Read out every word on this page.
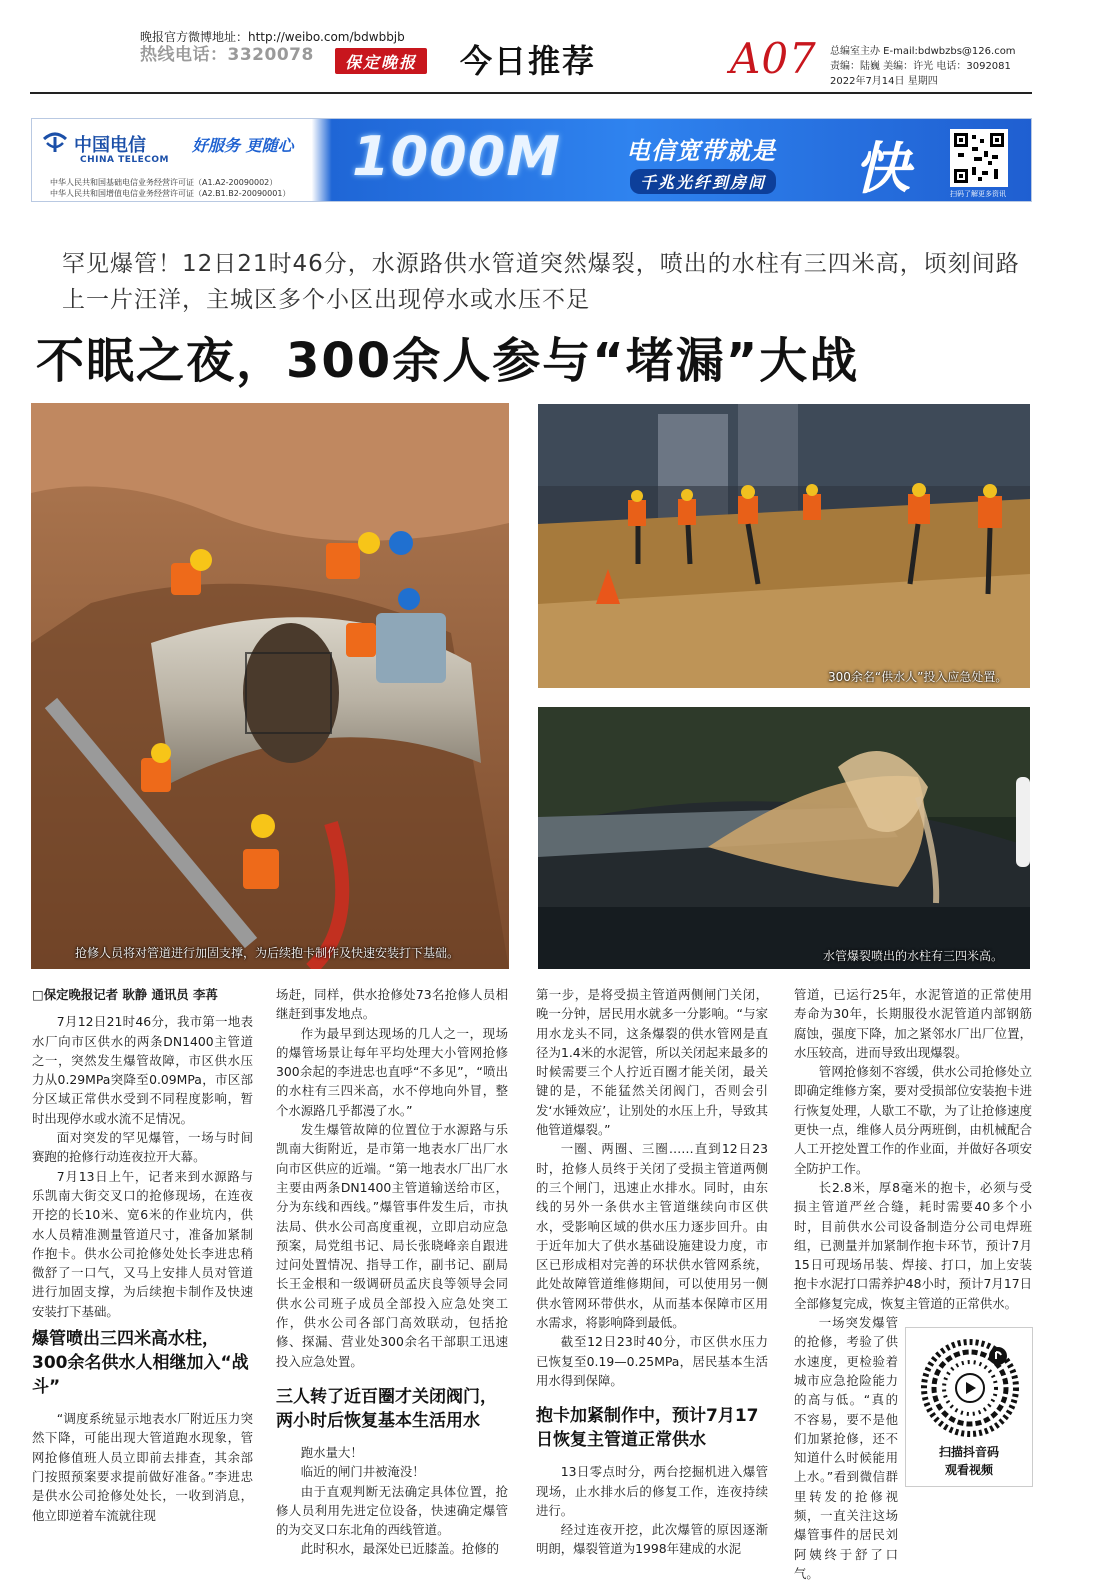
晚报官方微博地址：http://weibo.com/bdwbbjb
热线电话：3320078	保定晚报	今日推荐	A07 总编室主办 E-mail:bdwbzbs@126.com
责编：陆巍 美编：许光 电话：3092081
2022年7月14日 星期四
中国电信
CHINA TELECOM
好服务 更随心
中华人民共和国基础电信业务经营许可证（A1.A2-20090002）
中华人民共和国增值电信业务经营许可证（A2.B1.B2-20090001）
1000M	电信宽带就是
千兆光纤到房间 快	扫码了解更多资讯
罕见爆管！12日21时46分，水源路供水管道突然爆裂，喷出的水柱有三四米高，顷刻间路上一片汪洋，主城区多个小区出现停水或水压不足
不眠之夜，300余人参与“堵漏”大战
抢修人员将对管道进行加固支撑，为后续抱卡制作及快速安装打下基础。
300余名“供水人”投入应急处置。
水管爆裂喷出的水柱有三四米高。

□保定晚报记者 耿静 通讯员 李苒

7月12日21时46分，我市第一地表水厂向市区供水的两条DN1400主管道之一，突然发生爆管故障，市区供水压力从0.29MPa突降至0.09MPa，市区部分区域正常供水受到不同程度影响，暂时出现停水或水流不足情况。

面对突发的罕见爆管，一场与时间赛跑的抢修行动连夜拉开大幕。

7月13日上午，记者来到水源路与乐凯南大街交叉口的抢修现场，在连夜开挖的长10米、宽6米的作业坑内，供水人员精准测量管道尺寸，准备加紧制作抱卡。供水公司抢修处处长李进忠稍微舒了一口气，又马上安排人员对管道进行加固支撑，为后续抱卡制作及快速安装打下基础。

爆管喷出三四米高水柱，300余名供水人相继加入“战斗”

“调度系统显示地表水厂附近压力突然下降，可能出现大管道跑水现象，管网抢修值班人员立即前去排查，其余部门按照预案要求提前做好准备。”李进忠是供水公司抢修处处长，一收到消息，他立即逆着车流就往现

场赶，同样，供水抢修处73名抢修人员相继赶到事发地点。

作为最早到达现场的几人之一，现场的爆管场景让每年平均处理大小管网抢修300余起的李进忠也直呼“不多见”，“喷出的水柱有三四米高，水不停地向外冒，整个水源路几乎都漫了水。”

发生爆管故障的位置位于水源路与乐凯南大街附近，是市第一地表水厂出厂水向市区供应的近端。“第一地表水厂出厂水主要由两条DN1400主管道输送给市区，分为东线和西线。”爆管事件发生后，市执法局、供水公司高度重视，立即启动应急预案，局党组书记、局长张晓峰亲自跟进过问处置情况、指导工作，副书记、副局长王金根和一级调研员孟庆良等领导会同供水公司班子成员全部投入应急处突工作，供水公司各部门高效联动，包括抢修、探漏、营业处300余名干部职工迅速投入应急处置。

三人转了近百圈才关闭阀门，两小时后恢复基本生活用水

跑水量大！

临近的闸门井被淹没！

由于直观判断无法确定具体位置，抢修人员利用先进定位设备，快速确定爆管的为交叉口东北角的西线管道。

此时积水，最深处已近膝盖。抢修的

第一步，是将受损主管道两侧闸门关闭，晚一分钟，居民用水就多一分影响。“与家用水龙头不同，这条爆裂的供水管网是直径为1.4米的水泥管，所以关闭起来最多的时候需要三个人拧近百圈才能关闭，最关键的是，不能猛然关闭阀门，否则会引发‘水锤效应’，让别处的水压上升，导致其他管道爆裂。”

一圈、两圈、三圈……直到12日23时，抢修人员终于关闭了受损主管道两侧的三个闸门，迅速止水排水。同时，由东线的另外一条供水主管道继续向市区供水，受影响区域的供水压力逐步回升。由于近年加大了供水基础设施建设力度，市区已形成相对完善的环状供水管网系统，此处故障管道维修期间，可以使用另一侧供水管网环带供水，从而基本保障市区用水需求，将影响降到最低。

截至12日23时40分，市区供水压力已恢复至0.19—0.25MPa，居民基本生活用水得到保障。

抱卡加紧制作中，预计7月17日恢复主管道正常供水

13日零点时分，两台挖掘机进入爆管现场，止水排水后的修复工作，连夜持续进行。

经过连夜开挖，此次爆管的原因逐渐明朗，爆裂管道为1998年建成的水泥

管道，已运行25年，水泥管道的正常使用寿命为30年，长期服役水泥管道内部钢筋腐蚀，强度下降，加之紧邻水厂出厂位置，水压较高，进而导致出现爆裂。

管网抢修刻不容缓，供水公司抢修处立即确定维修方案，要对受损部位安装抱卡进行恢复处理，人歇工不歇，为了让抢修速度更快一点，维修人员分两班倒，由机械配合人工开挖处置工作的作业面，并做好各项安全防护工作。

长2.8米，厚8毫米的抱卡，必须与受损主管道严丝合缝，耗时需要40多个小时，目前供水公司设备制造分公司电焊班组，已测量并加紧制作抱卡环节，预计7月15日可现场吊装、焊接、打口，加上安装抱卡水泥打口需养护48小时，预计7月17日全部修复完成，恢复主管道的正常供水。

一场突发爆管的抢修，考验了供水速度，更检验着城市应急抢险能力的高与低。“真的不容易，要不是他们加紧抢修，还不知道什么时候能用上水。”看到微信群里转发的抢修视频，一直关注这场爆管事件的居民刘阿姨终于舒了口气。

扫描抖音码
观看视频
